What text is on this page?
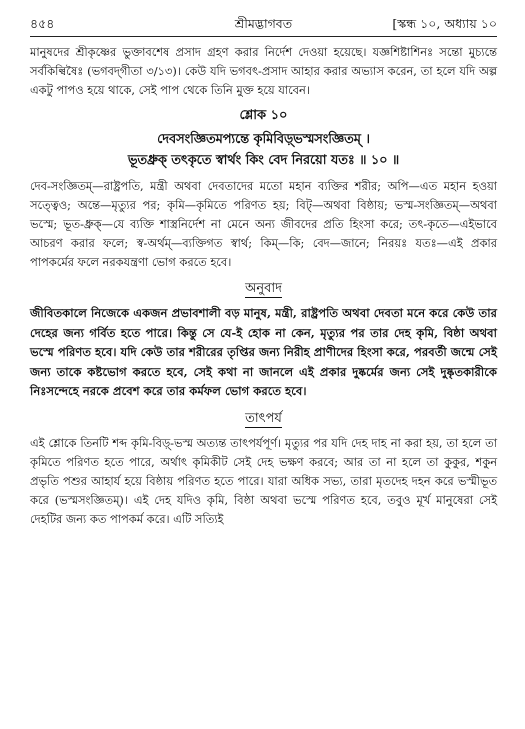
৪৫৪	শ্রীমদ্ভাগবত	[স্কন্ধ ১০, অধ্যায় ১০

মানুষদের শ্রীকৃষ্ণের ভুক্তাবশেষ প্রসাদ গ্রহণ করার নির্দেশ দেওয়া হয়েছে। যজ্ঞশিষ্টাশিনঃ সন্তো মুচ্যন্তে সর্বকিল্বিষৈঃ (ভগবদ্‌গীতা ৩/১৩)। কেউ যদি ভগবৎ-প্রসাদ আহার করার অভ্যাস করেন, তা হলে যদি অল্প একটু পাপও হয়ে থাকে, সেই পাপ থেকে তিনি মুক্ত হয়ে যাবেন।

শ্লোক ১০

দেবসংজ্ঞিতমপ্যন্তে কৃমিবিড়্ভস্মসংজ্ঞিতম্‌ ।

ভূতধ্রুক্ তৎকৃতে স্বার্থং কিং বেদ নিরয়ো যতঃ ॥ ১০ ॥

দেব-সংজ্ঞিতম্—রাষ্ট্রপতি, মন্ত্রী অথবা দেবতাদের মতো মহান ব্যক্তির শরীর; অপি—এত মহান হওয়া সত্ত্বেও; অন্তে—মৃত্যুর পর; কৃমি—কৃমিতে পরিণত হয়; বিট্—অথবা বিষ্ঠায়; ভস্ম-সংজ্ঞিতম্—অথবা ভস্মে; ভূত-ধ্রুক্—যে ব্যক্তি শাস্ত্রনির্দেশ না মেনে অন্য জীবদের প্রতি হিংসা করে; তৎ-কৃতে—এইভাবে আচরণ করার ফলে; স্ব-অর্থম্—ব্যক্তিগত স্বার্থ; কিম্—কি; বেদ—জানে; নিরয়ঃ যতঃ—এই প্রকার পাপকর্মের ফলে নরকযন্ত্রণা ভোগ করতে হবে।

অনুবাদ

জীবিতকালে নিজেকে একজন প্রভাবশালী বড় মানুষ, মন্ত্রী, রাষ্ট্রপতি অথবা দেবতা মনে করে কেউ তার দেহের জন্য গর্বিত হতে পারে। কিন্তু সে যে-ই হোক না কেন, মৃত্যুর পর তার দেহ কৃমি, বিষ্ঠা অথবা ভস্মে পরিণত হবে। যদি কেউ তার শরীরের তৃপ্তির জন্য নিরীহ প্রাণীদের হিংসা করে, পরবর্তী জন্মে সেই জন্য তাকে কষ্টভোগ করতে হবে, সেই কথা না জানলে এই প্রকার দুষ্কর্মের জন্য সেই দুষ্কৃতকারীকে নিঃসন্দেহে নরকে প্রবেশ করে তার কর্মফল ভোগ করতে হবে।

তাৎপর্য

এই শ্লোকে তিনটি শব্দ কৃমি-বিড়্-ভস্ম অত্যন্ত তাৎপর্যপূর্ণ। মৃত্যুর পর যদি দেহ দাহ না করা হয়, তা হলে তা কৃমিতে পরিণত হতে পারে, অর্থাৎ কৃমিকীট সেই দেহ ভক্ষণ করবে; আর তা না হলে তা কুকুর, শকুন প্রভৃতি পশুর আহার্য হয়ে বিষ্ঠায় পরিণত হতে পারে। যারা অধিক সভ্য, তারা মৃতদেহ দহন করে ভস্মীভূত করে (ভস্মসংজ্ঞিতম্)। এই দেহ যদিও কৃমি, বিষ্ঠা অথবা ভস্মে পরিণত হবে, তবুও মূর্খ মানুষেরা সেই দেহটির জন্য কত পাপকর্ম করে। এটি সত্যিই
